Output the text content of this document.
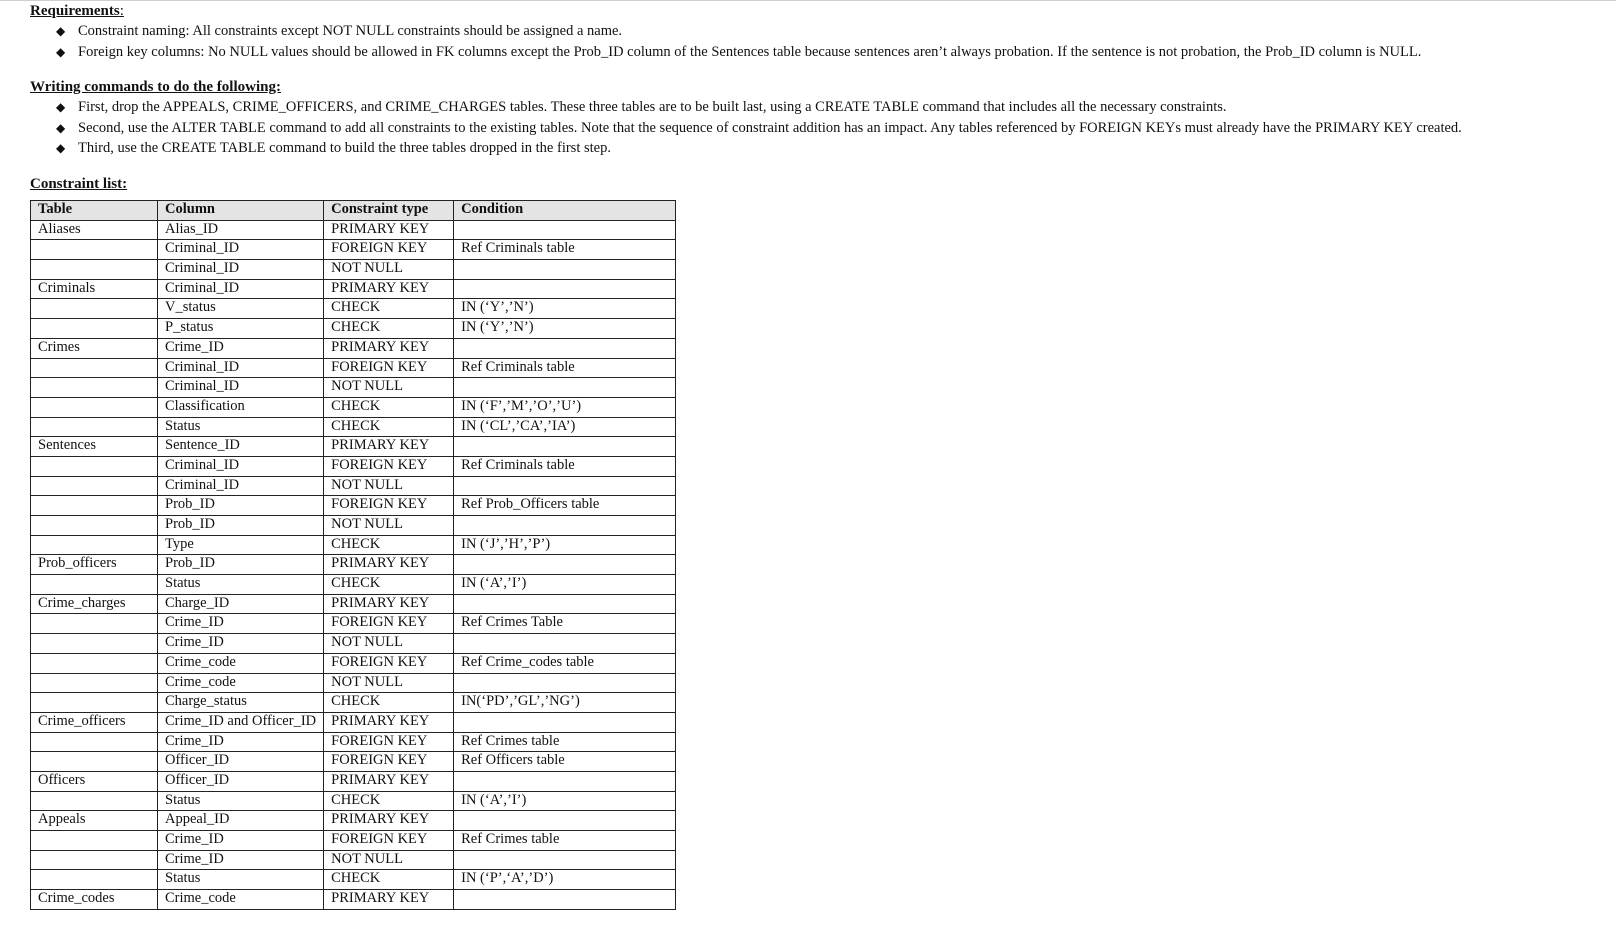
Requirements:
◆ Constraint naming: All constraints except NOT NULL constraints should be assigned a name.
◆ Foreign key columns: No NULL values should be allowed in FK columns except the Prob_ID column of the Sentences table because sentences aren’t always probation. If the sentence is not probation, the Prob_ID column is NULL.
Writing commands to do the following:
◆ First, drop the APPEALS, CRIME_OFFICERS, and CRIME_CHARGES tables. These three tables are to be built last, using a CREATE TABLE command that includes all the necessary constraints.
◆ Second, use the ALTER TABLE command to add all constraints to the existing tables. Note that the sequence of constraint addition has an impact. Any tables referenced by FOREIGN KEYs must already have the PRIMARY KEY created.
◆ Third, use the CREATE TABLE command to build the three tables dropped in the first step.
Constraint list:
Table	Column	Constraint type	Condition
Aliases	Alias_ID	PRIMARY KEY	
	Criminal_ID	FOREIGN KEY	Ref Criminals table
	Criminal_ID	NOT NULL	
Criminals	Criminal_ID	PRIMARY KEY	
	V_status	CHECK	IN (‘Y’,’N’)
	P_status	CHECK	IN (‘Y’,’N’)
Crimes	Crime_ID	PRIMARY KEY	
	Criminal_ID	FOREIGN KEY	Ref Criminals table
	Criminal_ID	NOT NULL	
	Classification	CHECK	IN (‘F’,’M’,’O’,’U’)
	Status	CHECK	IN (‘CL’,’CA’,’IA’)
Sentences	Sentence_ID	PRIMARY KEY	
	Criminal_ID	FOREIGN KEY	Ref Criminals table
	Criminal_ID	NOT NULL	
	Prob_ID	FOREIGN KEY	Ref Prob_Officers table
	Prob_ID	NOT NULL	
	Type	CHECK	IN (‘J’,’H’,’P’)
Prob_officers	Prob_ID	PRIMARY KEY	
	Status	CHECK	IN (‘A’,’I’)
Crime_charges	Charge_ID	PRIMARY KEY	
	Crime_ID	FOREIGN KEY	Ref Crimes Table
	Crime_ID	NOT NULL	
	Crime_code	FOREIGN KEY	Ref Crime_codes table
	Crime_code	NOT NULL	
	Charge_status	CHECK	IN(‘PD’,’GL’,’NG’)
Crime_officers	Crime_ID and Officer_ID	PRIMARY KEY	
	Crime_ID	FOREIGN KEY	Ref Crimes table
	Officer_ID	FOREIGN KEY	Ref Officers table
Officers	Officer_ID	PRIMARY KEY	
	Status	CHECK	IN (‘A’,’I’)
Appeals	Appeal_ID	PRIMARY KEY	
	Crime_ID	FOREIGN KEY	Ref Crimes table
	Crime_ID	NOT NULL	
	Status	CHECK	IN (‘P’,‘A’,’D’)
Crime_codes	Crime_code	PRIMARY KEY	
